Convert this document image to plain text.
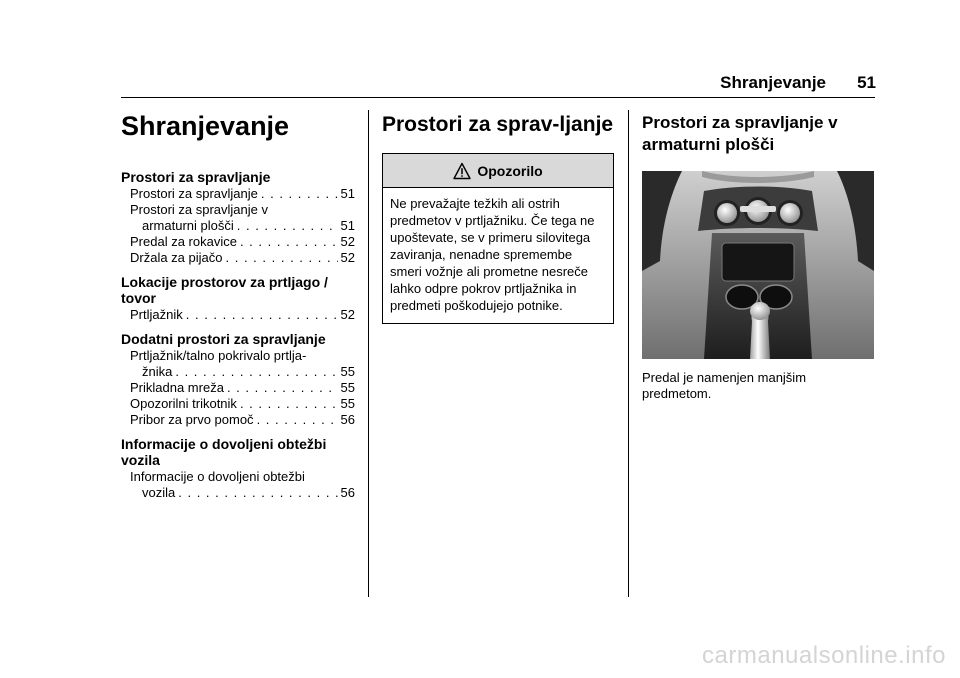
Shranjevanje	51
Shranjevanje
Prostori za spravljanje
Prostori za spravljanje . . .	51
Prostori za spravljanje v
armaturni plošči . . .	51
Predal za rokavice . . .	52
Držala za pijačo . . .	52
Lokacije prostorov za prtljago / tovor
Prtljažnik . . .	52
Dodatni prostori za spravljanje
Prtljažnik/talno pokrivalo prtlja-
žnika . . .	55
Prikladna mreža . . .	55
Opozorilni trikotnik . . .	55
Pribor za prvo pomoč . . .	56
Informacije o dovoljeni obtežbi vozila
Informacije o dovoljeni obtežbi
vozila . . .	56
Prostori za sprav-ljanje
Opozorilo
Ne prevažajte težkih ali ostrih predmetov v prtljažniku. Če tega ne upoštevate, se v primeru silovitega zaviranja, nenadne spremembe smeri vožnje ali prometne nesreče lahko odpre pokrov prtljažnika in predmeti poškodujejo potnike.
Prostori za spravljanje v armaturni plošči

Predal je namenjen manjšim predmetom.

carmanualsonline.info
